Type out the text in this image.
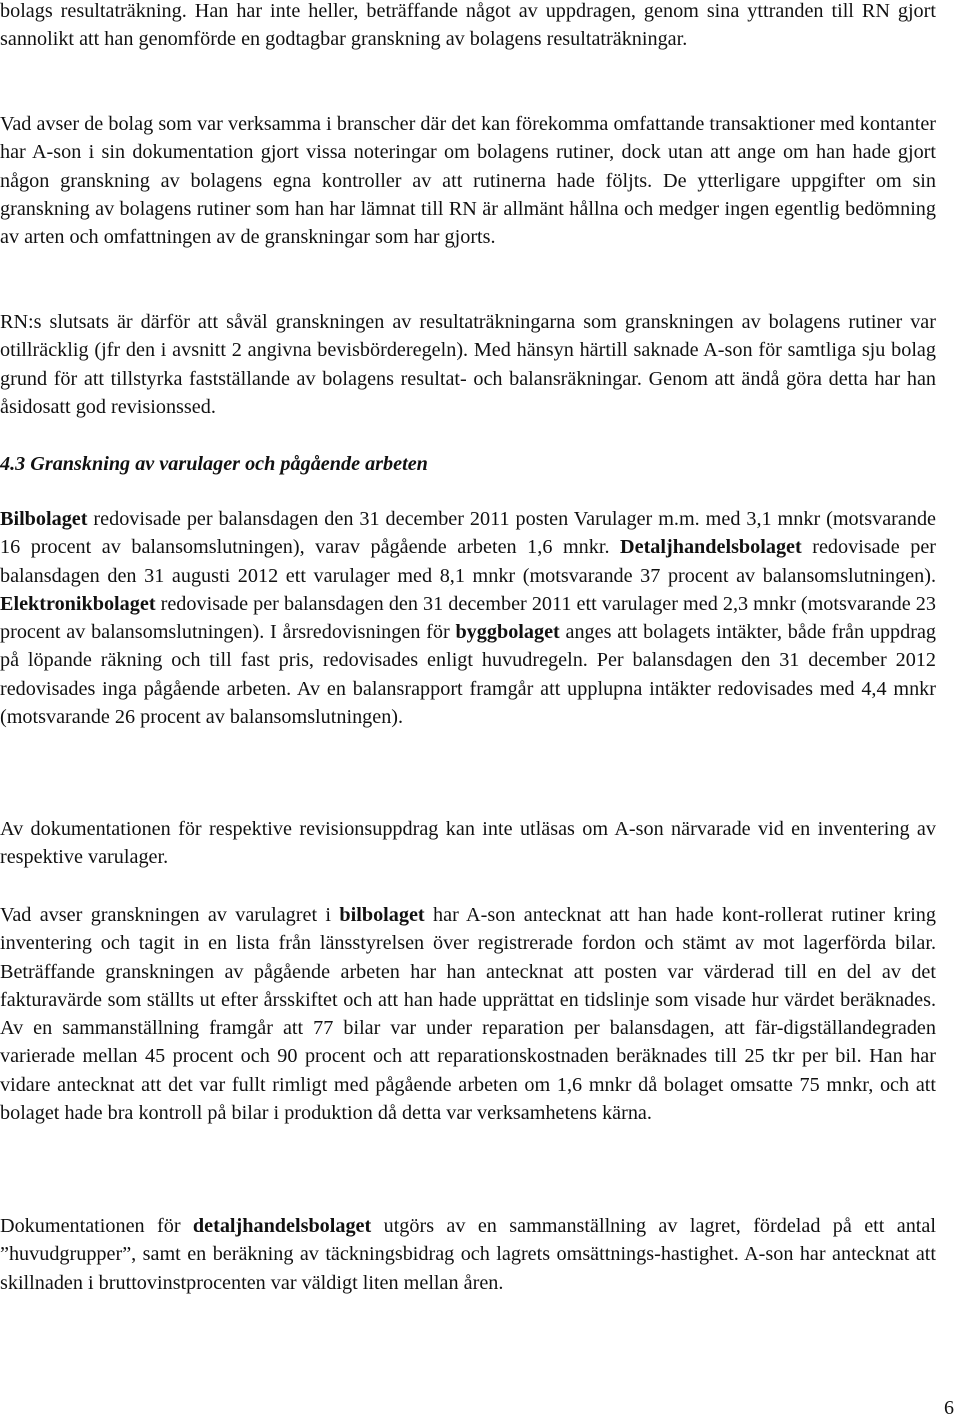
bolags resultaträkning. Han har inte heller, beträffande något av uppdragen, genom sina yttranden till RN gjort sannolikt att han genomförde en godtagbar granskning av bolagens resultaträkningar.

Vad avser de bolag som var verksamma i branscher där det kan förekomma omfattande transaktioner med kontanter har A-son i sin dokumentation gjort vissa noteringar om bolagens rutiner, dock utan att ange om han hade gjort någon granskning av bolagens egna kontroller av att rutinerna hade följts. De ytterligare uppgifter om sin granskning av bolagens rutiner som han har lämnat till RN är allmänt hållna och medger ingen egentlig bedömning av arten och omfattningen av de granskningar som har gjorts.

RN:s slutsats är därför att såväl granskningen av resultaträkningarna som granskningen av bolagens rutiner var otillräcklig (jfr den i avsnitt 2 angivna bevisbörderegeln). Med hänsyn härtill saknade A-son för samtliga sju bolag grund för att tillstyrka fastställande av bolagens resultat- och balansräkningar. Genom att ändå göra detta har han åsidosatt god revisionssed.

4.3 Granskning av varulager och pågående arbeten

Bilbolaget redovisade per balansdagen den 31 december 2011 posten Varulager m.m. med 3,1 mnkr (motsvarande 16 procent av balansomslutningen), varav pågående arbeten 1,6 mnkr. Detaljhandelsbolaget redovisade per balansdagen den 31 augusti 2012 ett varulager med 8,1 mnkr (motsvarande 37 procent av balansomslutningen). Elektronikbolaget redovisade per balansdagen den 31 december 2011 ett varulager med 2,3 mnkr (motsvarande 23 procent av balansomslutningen). I årsredovisningen för byggbolaget anges att bolagets intäkter, både från uppdrag på löpande räkning och till fast pris, redovisades enligt huvudregeln. Per balansdagen den 31 december 2012 redovisades inga pågående arbeten. Av en balansrapport framgår att upplupna intäkter redovisades med 4,4 mnkr (motsvarande 26 procent av balansomslutningen).

Av dokumentationen för respektive revisionsuppdrag kan inte utläsas om A-son närvarade vid en inventering av respektive varulager.

Vad avser granskningen av varulagret i bilbolaget har A-son antecknat att han hade kont-rollerat rutiner kring inventering och tagit in en lista från länsstyrelsen över registrerade fordon och stämt av mot lagerförda bilar. Beträffande granskningen av pågående arbeten har han antecknat att posten var värderad till en del av det fakturavärde som ställts ut efter årsskiftet och att han hade upprättat en tidslinje som visade hur värdet beräknades. Av en sammanställning framgår att 77 bilar var under reparation per balansdagen, att fär-digställandegraden varierade mellan 45 procent och 90 procent och att reparationskostnaden beräknades till 25 tkr per bil. Han har vidare antecknat att det var fullt rimligt med pågående arbeten om 1,6 mnkr då bolaget omsatte 75 mnkr, och att bolaget hade bra kontroll på bilar i produktion då detta var verksamhetens kärna.

Dokumentationen för detaljhandelsbolaget utgörs av en sammanställning av lagret, fördelad på ett antal ”huvudgrupper”, samt en beräkning av täckningsbidrag och lagrets omsättnings-hastighet. A-son har antecknat att skillnaden i bruttovinstprocenten var väldigt liten mellan åren.

6
